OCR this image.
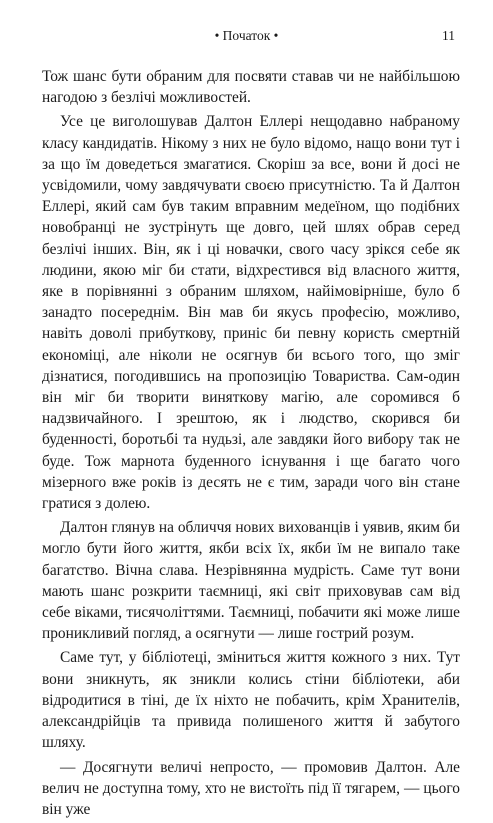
• Початок •	11

Тож шанс бути обраним для посвяти ставав чи не найбільшою нагодою з безлічі можливостей.

Усе це виголошував Далтон Еллері нещодавно набраному класу кандидатів. Нікому з них не було відомо, нащо вони тут і за що їм доведеться змагатися. Скоріш за все, вони й досі не усвідомили, чому завдячувати своєю присутністю. Та й Далтон Еллері, який сам був таким вправним медеїном, що подібних новобранці не зустрінуть ще довго, цей шлях обрав серед безлічі інших. Він, як і ці новачки, свого часу зрікся себе як людини, якою міг би стати, відхрестився від власного життя, яке в порівнянні з обраним шляхом, найімовірніше, було б занадто посереднім. Він мав би якусь професію, можливо, навіть доволі прибуткову, приніс би певну користь смертній економіці, але ніколи не осягнув би всього того, що зміг дізнатися, погодившись на пропозицію Товариства. Сам-один він міг би творити виняткову магію, але соромився б надзвичайного. І зрештою, як і людство, скорився би буденності, боротьбі та нудьзі, але завдяки його вибору так не буде. Тож марнота буденного існування і ще багато чого мізерного вже років із десять не є тим, заради чого він стане гратися з долею.

Далтон глянув на обличчя нових вихованців і уявив, яким би могло бути його життя, якби всіх їх, якби їм не випало таке багатство. Вічна слава. Незрівнянна мудрість. Саме тут вони мають шанс розкрити таємниці, які світ приховував сам від себе віками, тисячоліттями. Таємниці, побачити які може лише проникливий погляд, а осягнути — лише гострий розум.

Саме тут, у бібліотеці, зміниться життя кожного з них. Тут вони зникнуть, як зникли колись стіни бібліотеки, аби відродитися в тіні, де їх ніхто не побачить, крім Хранителів, александрійців та привида полишеного життя й забутого шляху.

— Досягнути величі непросто, — промовив Далтон. Але велич не доступна тому, хто не вистоїть під її тягарем, — цього він уже
